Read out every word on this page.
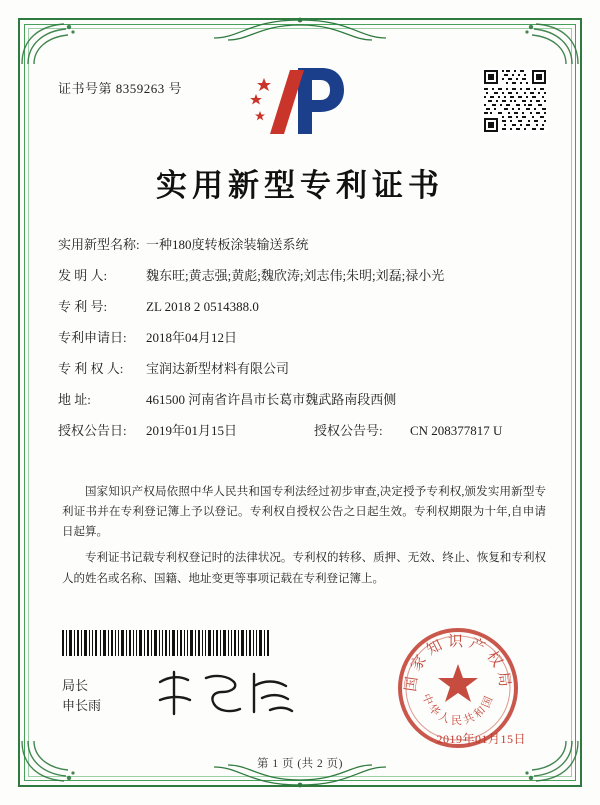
证书号第 8359263 号
实用新型专利证书
实用新型名称: 一种180度转板涂装输送系统
发 明 人:	魏东旺;黄志强;黄彪;魏欣涛;刘志伟;朱明;刘磊;禄小光
专 利 号:	ZL 2018 2 0514388.0
专利申请日:	2018年04月12日
专 利 权 人:	宝润达新型材料有限公司
地 址:	461500 河南省许昌市长葛市魏武路南段西侧
授权公告日:	2019年01月15日	授权公告号:	CN 208377817 U

国家知识产权局依照中华人民共和国专利法经过初步审查,决定授予专利权,颁发实用新型专利证书并在专利登记簿上予以登记。专利权自授权公告之日起生效。专利权期限为十年,自申请日起算。

专利证书记载专利权登记时的法律状况。专利权的转移、质押、无效、终止、恢复和专利权人的姓名或名称、国籍、地址变更等事项记载在专利登记簿上。

国家知识产权局
中华人民共和国
2019年01月15日
局长
申长雨
第 1 页 (共 2 页)
